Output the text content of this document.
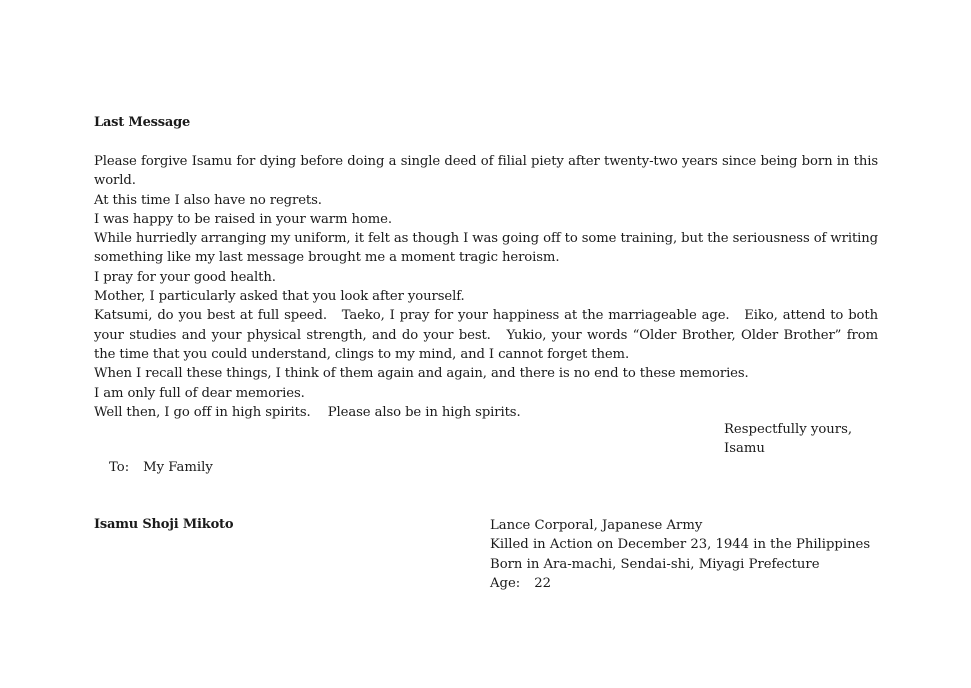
Last Message

Please forgive Isamu for dying before doing a single deed of filial piety after twenty-two years since being born in this world.

At this time I also have no regrets.

I was happy to be raised in your warm home.

While hurriedly arranging my uniform, it felt as though I was going off to some training, but the seriousness of writing something like my last message brought me a moment tragic heroism.

I pray for your good health.

Mother, I particularly asked that you look after yourself.

Katsumi, do you best at full speed.　Taeko, I pray for your happiness at the marriageable age.　Eiko, attend to both your studies and your physical strength, and do your best.　Yukio, your words “Older Brother, Older Brother” from the time that you could understand, clings to my mind, and I cannot forget them.

When I recall these things, I think of them again and again, and there is no end to these memories.

I am only full of dear memories.

Well then, I go off in high spirits.　 Please also be in high spirits.

Respectfully yours,
Isamu
To: My Family
Isamu Shoji Mikoto	Lance Corporal, Japanese Army
Killed in Action on December 23, 1944 in the Philippines
Born in Ara-machi, Sendai-shi, Miyagi Prefecture
Age: 22
